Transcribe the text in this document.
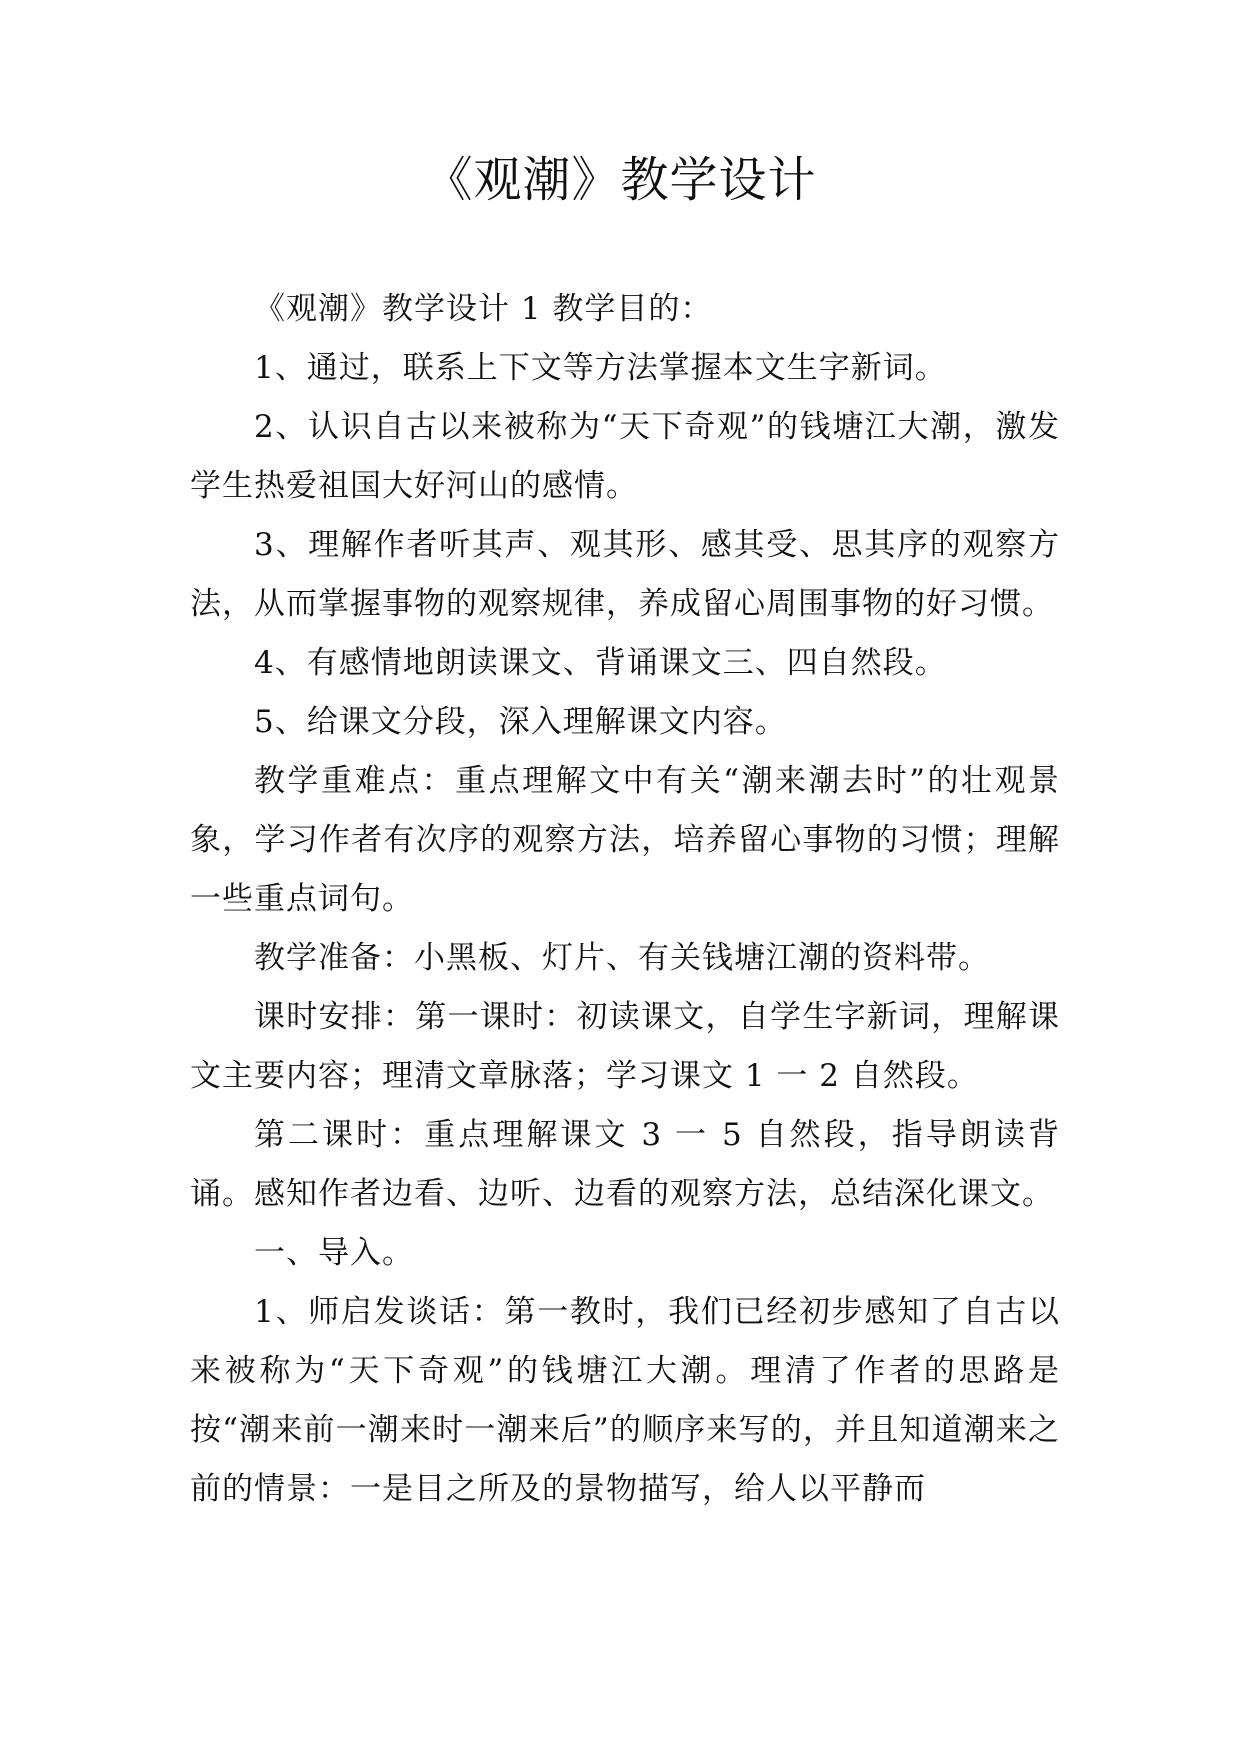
《观潮》教学设计

《观潮》教学设计 1 教学目的：

1、通过，联系上下文等方法掌握本文生字新词。

2、认识自古以来被称为“天下奇观”的钱塘江大潮，激发学生热爱祖国大好河山的感情。

3、理解作者听其声、观其形、感其受、思其序的观察方法，从而掌握事物的观察规律，养成留心周围事物的好习惯。

4、有感情地朗读课文、背诵课文三、四自然段。

5、给课文分段，深入理解课文内容。

教学重难点：重点理解文中有关“潮来潮去时”的壮观景象，学习作者有次序的观察方法，培养留心事物的习惯；理解一些重点词句。

教学准备：小黑板、灯片、有关钱塘江潮的资料带。

课时安排：第一课时：初读课文，自学生字新词，理解课文主要内容；理清文章脉落；学习课文 1 一 2 自然段。

第二课时：重点理解课文 3 一 5 自然段，指导朗读背诵。感知作者边看、边听、边看的观察方法，总结深化课文。

一、导入。

1、师启发谈话：第一教时，我们已经初步感知了自古以来被称为“天下奇观”的钱塘江大潮。理清了作者的思路是按“潮来前一潮来时一潮来后”的顺序来写的，并且知道潮来之前的情景：一是目之所及的景物描写，给人以平静而
